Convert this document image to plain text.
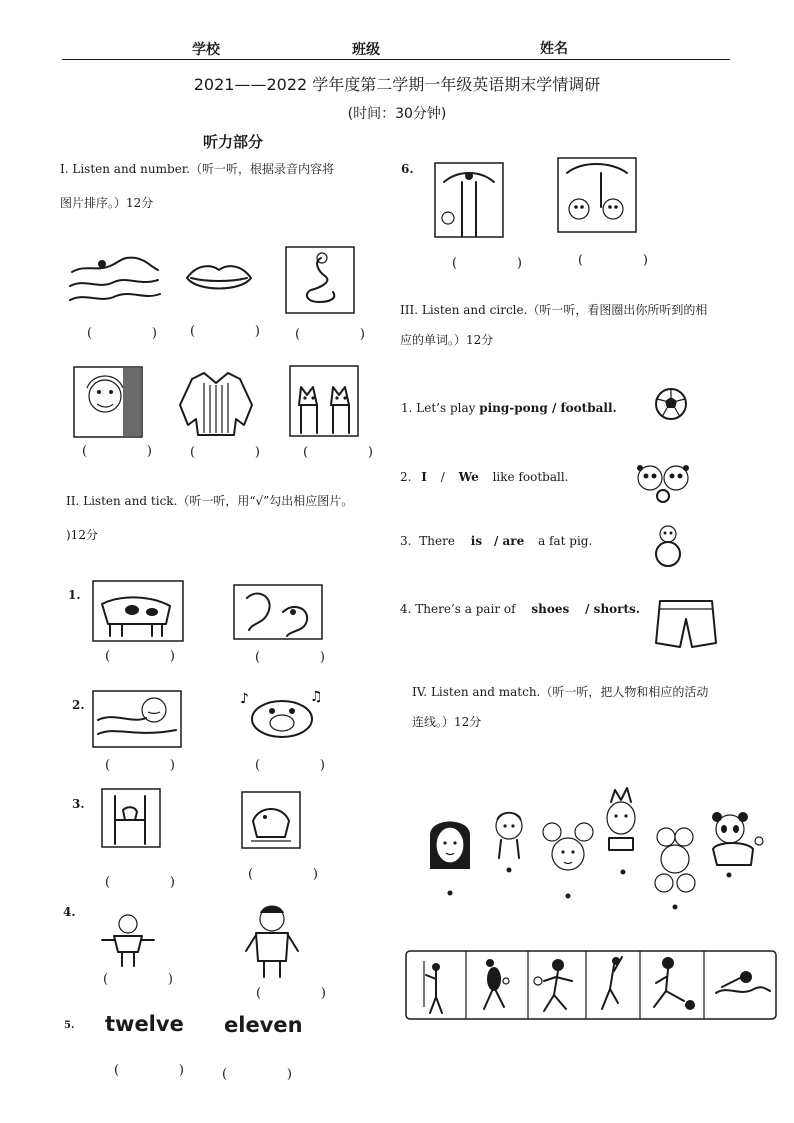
学校	班级	姓名
2021——2022 学年度第二学期一年级英语期末学情调研
(时间：30分钟)
听力部分
I. Listen and number.（听一听，根据录音内容将
图片排序。）12分
(	)	(	)	(	)
(	)	(	)	(	)
II. Listen and tick.（听一听，用“√”勾出相应图片。
)12分
1.
(	)	(	)
2.	♪	♫
(	)	(	)
3.
(	)
(	)
4.
(	)
(	)
5. twelve eleven
(	)	(	)
6.
(	)	(	)
III. Listen and circle.（听一听，看图圈出你所听到的相
应的单词。）12分
1. Let’s play ping-pong / football.
2. I / We like football.
3. There is / are a fat pig.
4. There’s a pair of shoes / shorts.
IV. Listen and match.（听一听，把人物和相应的活动
连线。）12分
